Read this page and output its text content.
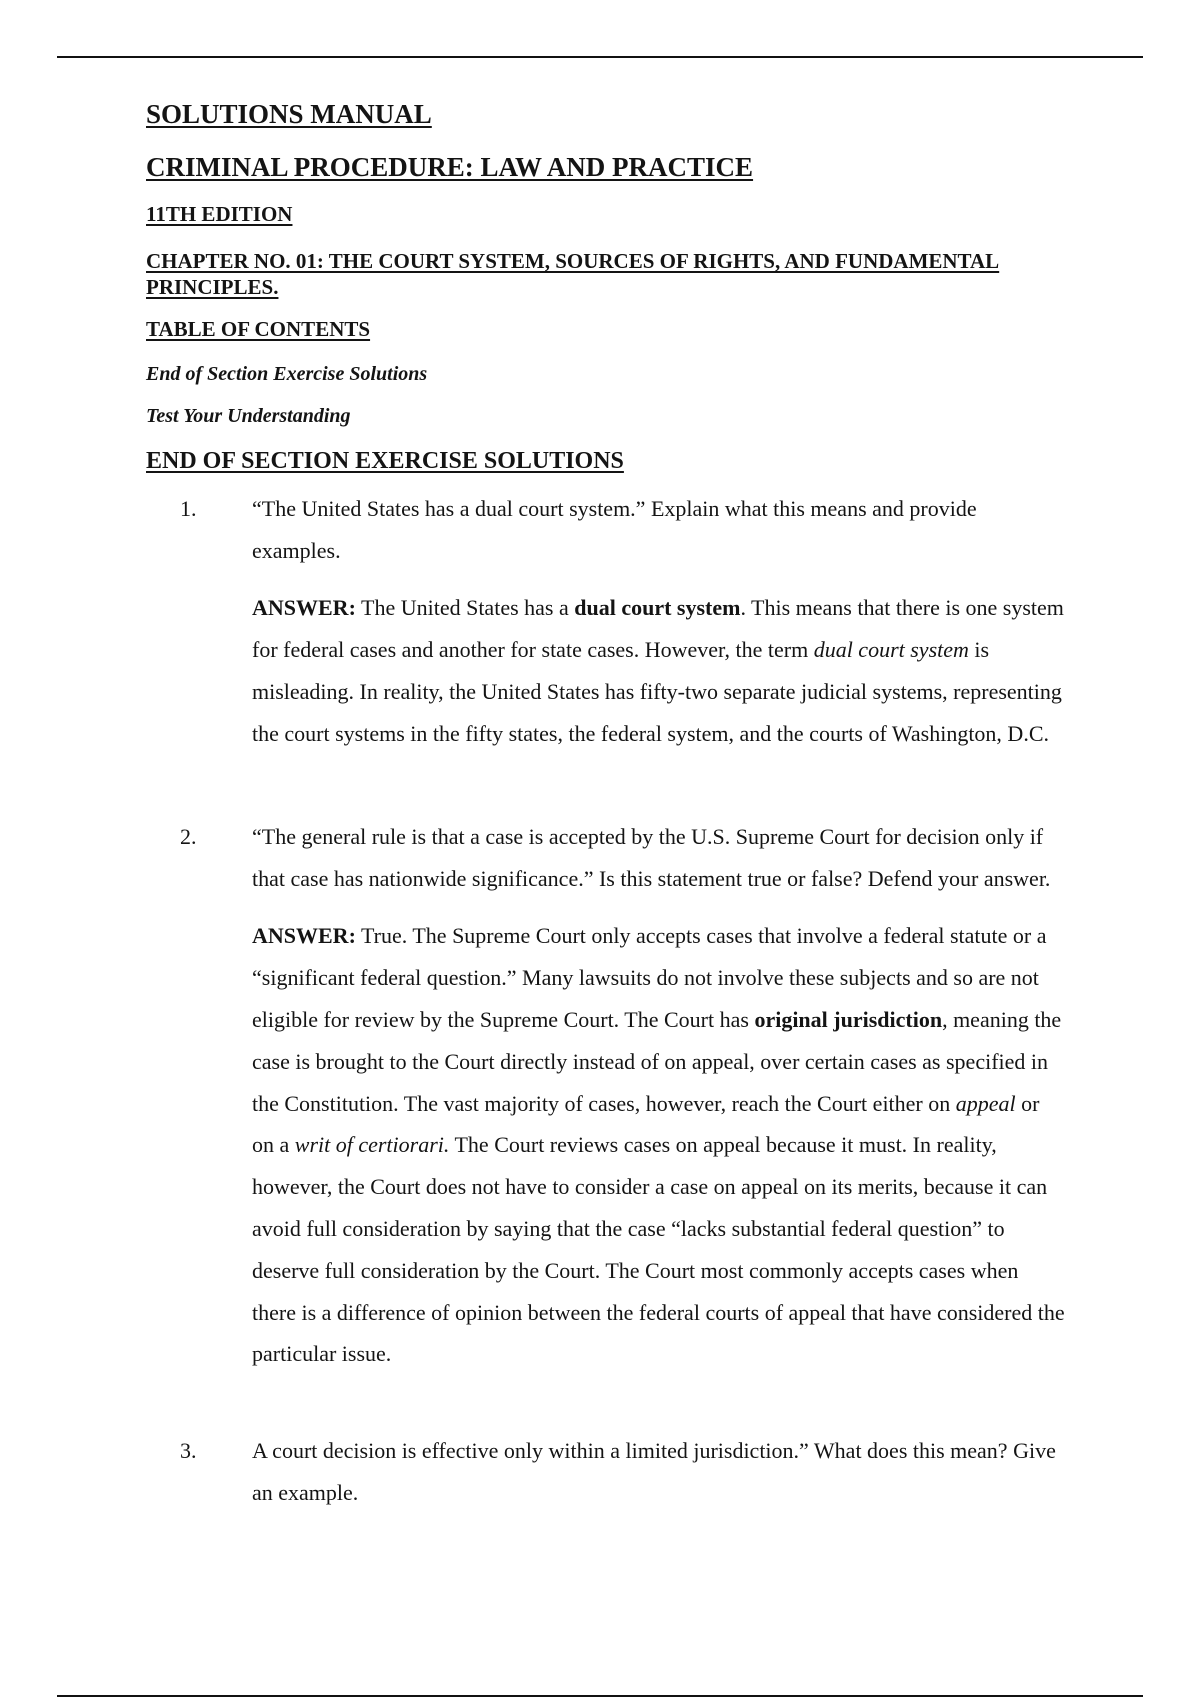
SOLUTIONS MANUAL
CRIMINAL PROCEDURE: LAW AND PRACTICE
11TH EDITION
CHAPTER NO. 01: THE COURT SYSTEM, SOURCES OF RIGHTS, AND FUNDAMENTAL PRINCIPLES.
TABLE OF CONTENTS
End of Section Exercise Solutions
Test Your Understanding
END OF SECTION EXERCISE SOLUTIONS
1.	“The United States has a dual court system.” Explain what this means and provide examples.
ANSWER: The United States has a dual court system. This means that there is one system for federal cases and another for state cases. However, the term dual court system is misleading. In reality, the United States has fifty-two separate judicial systems, representing the court systems in the fifty states, the federal system, and the courts of Washington, D.C.
2.	“The general rule is that a case is accepted by the U.S. Supreme Court for decision only if that case has nationwide significance.” Is this statement true or false? Defend your answer.
ANSWER: True. The Supreme Court only accepts cases that involve a federal statute or a “significant federal question.” Many lawsuits do not involve these subjects and so are not eligible for review by the Supreme Court. The Court has original jurisdiction, meaning the case is brought to the Court directly instead of on appeal, over certain cases as specified in the Constitution. The vast majority of cases, however, reach the Court either on appeal or on a writ of certiorari. The Court reviews cases on appeal because it must. In reality, however, the Court does not have to consider a case on appeal on its merits, because it can avoid full consideration by saying that the case “lacks substantial federal question” to deserve full consideration by the Court. The Court most commonly accepts cases when there is a difference of opinion between the federal courts of appeal that have considered the particular issue.
3.	A court decision is effective only within a limited jurisdiction.” What does this mean? Give an example.
